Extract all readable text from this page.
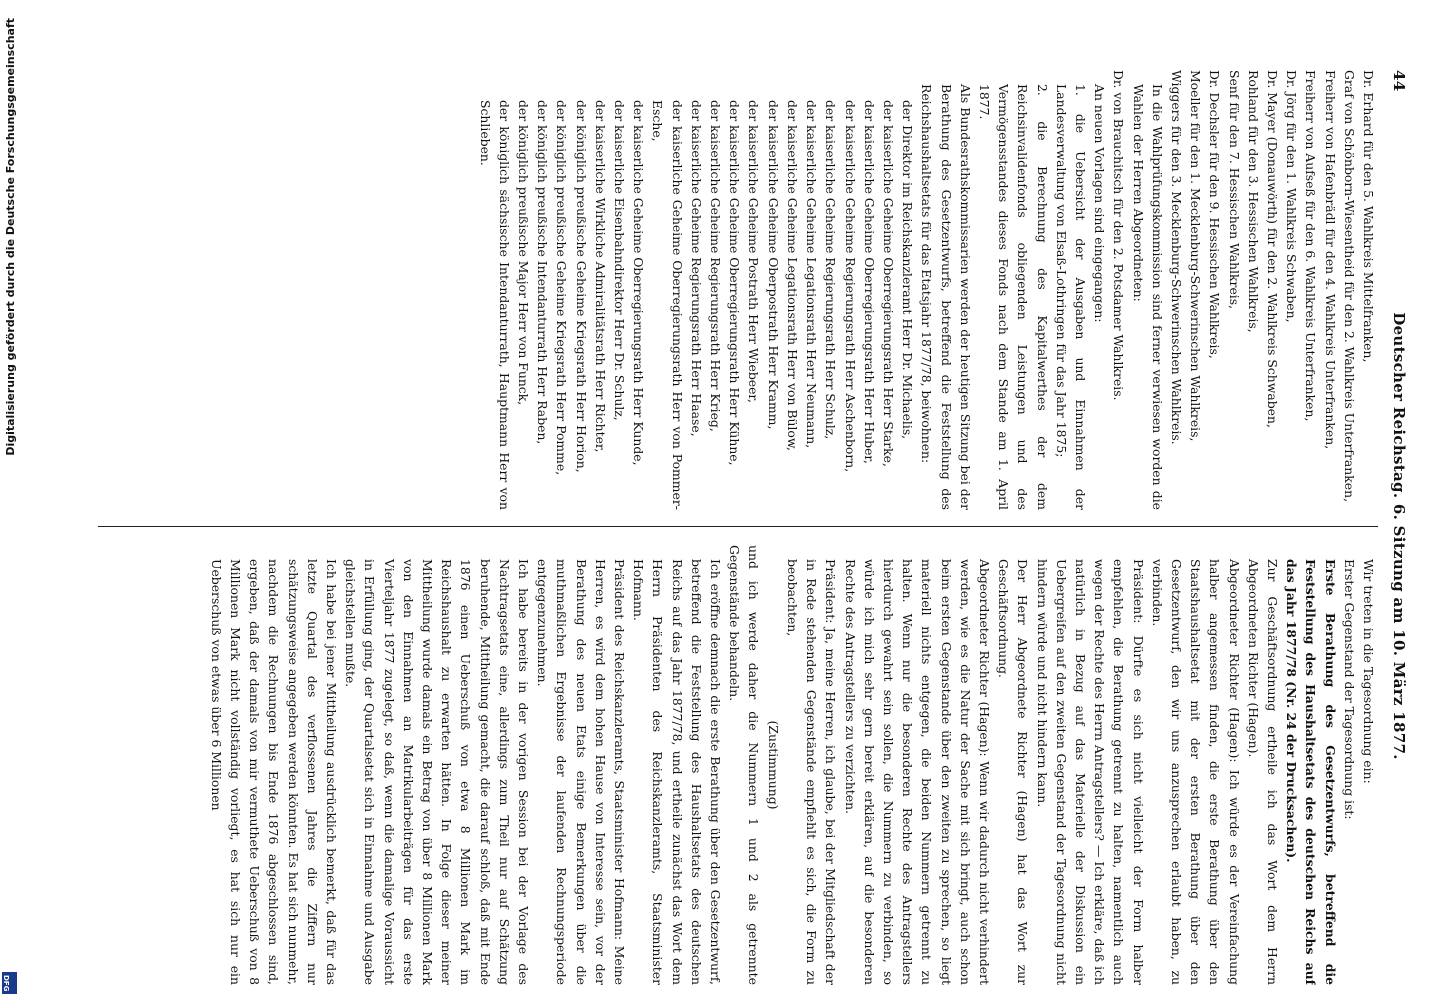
Digitalisierung gefördert durch die Deutsche Forschungsgemeinschaft
DFG
44
Deutscher Reichstag. 6. Sitzung am 10. März 1877.

Dr. Erhard für den 5. Wahlkreis Mittelfranken,

Graf von Schönborn-Wiesentheid für den 2. Wahlkreis Unterfranken,

Freiherr von Hafenbrädl für den 4. Wahlkreis Unterfranken,

Freiherr von Aufseß für den 6. Wahlkreis Unterfranken,

Dr. Jörg für den 1. Wahlkreis Schwaben,

Dr. Mayer (Donauwörth) für den 2. Wahlkreis Schwaben,

Rohland für den 3. Hessischen Wahlkreis,

Senf für den 7. Hessischen Wahlkreis,

Dr. Dechsler für den 9. Hessischen Wahlkreis,

Moeller für den 1. Mecklenburg-Schwerinschen Wahlkreis,

Wiggers für den 3. Mecklenburg-Schwerinschen Wahlkreis.

In die Wahlprüfungskommission sind ferner verwiesen worden die Wahlen der Herren Abgeordneten:

Dr. von Brauchitsch für den 2. Potsdamer Wahlkreis.

An neuen Vorlagen sind eingegangen:

1. die Uebersicht der Ausgaben und Einnahmen der Landesverwaltung von Elsaß-Lothringen für das Jahr 1875;

2. die Berechnung des Kapitalwerthes der dem Reichsinvalidenfonds obliegenden Leistungen und des Vermögensstandes dieses Fonds nach dem Stande am 1. April 1877.

Als Bundesrathskommissarien werden der heutigen Sitzung bei der Berathung des Gesetzentwurfs, betreffend die Feststellung des Reichshaushaltsetats für das Etatsjahr 1877/78, beiwohnen:

der Direktor im Reichskanzleramt Herr Dr. Michaelis,

der kaiserliche Geheime Oberregierungsrath Herr Starke,

der kaiserliche Geheime Oberregierungsrath Herr Huber,

der kaiserliche Geheime Regierungsrath Herr Aschenborn,

der kaiserliche Geheime Regierungsrath Herr Schulz,

der kaiserliche Geheime Legationsrath Herr Neumann,

der kaiserliche Geheime Legationsrath Herr von Bülow,

der kaiserliche Geheime Oberpostrath Herr Kramm,

der kaiserliche Geheime Postrath Herr Wiebeer,

der kaiserliche Geheime Oberregierungsrath Herr Kühne,

der kaiserliche Geheime Regierungsrath Herr Krieg,

der kaiserliche Geheime Regierungsrath Herr Haase,

der kaiserliche Geheime Oberregierungsrath Herr von Pommer-Esche,

der kaiserliche Geheime Oberregierungsrath Herr Kunde,

der kaiserliche Eisenbahndirektor Herr Dr. Schulz,

der kaiserliche Wirkliche Admiralitätsrath Herr Richter,

der königlich preußische Geheime Kriegsrath Herr Horion,

der königlich preußische Geheime Kriegsrath Herr Pomme,

der königlich preußische Intendanturrath Herr Raben,

der königlich preußische Major Herr von Funck,

der königlich sächsische Intendanturrath, Hauptmann Herr von Schlieben.

Wir treten in die Tagesordnung ein:

Erster Gegenstand der Tagesordnung ist:

Erste Berathung des Gesetzentwurfs, betreffend die Feststellung des Haushaltsetats des deutschen Reichs auf das Jahr 1877/78 (Nr. 24 der Drucksachen).

Zur Geschäftsordnung ertheile ich das Wort dem Herrn Abgeordneten Richter (Hagen).

Abgeordneter Richter (Hagen): Ich würde es der Vereinfachung halber angemessen finden, die erste Berathung über den Staatshaushaltsetat mit der ersten Berathung über den Gesetzentwurf, den wir uns anzusprechen erlaubt haben, zu verbinden.

Präsident: Dürfte es sich nicht vielleicht der Form halber empfehlen, die Berathung getrennt zu halten, namentlich auch wegen der Rechte des Herrn Antragstellers? — Ich erkläre, daß ich natürlich in Bezug auf das Materielle der Diskussion ein Uebergreifen auf den zweiten Gegenstand der Tagesordnung nicht hindern würde und nicht hindern kann.

Der Herr Abgeordnete Richter (Hagen) hat das Wort zur Geschäftsordnung.

Abgeordneter Richter (Hagen): Wenn wir dadurch nicht verhindert werden, wie es die Natur der Sache mit sich bringt, auch schon beim ersten Gegenstande über den zweiten zu sprechen, so liegt materiell nichts entgegen, die beiden Nummern getrennt zu halten. Wenn nur die besonderen Rechte des Antragstellers hierdurch gewahrt sein sollen, die Nummern zu verbinden, so würde ich mich sehr gern bereit erklären, auf die besonderen Rechte des Antragstellers zu verzichten.

Präsident: Ja, meine Herren, ich glaube, bei der Mitgliedschaft der in Rede stehenden Gegenstände empfiehlt es sich, die Form zu beobachten,

(Zustimmung)

und ich werde daher die Nummern 1 und 2 als getrennte Gegenstände behandeln.

Ich eröffne demnach die erste Berathung über den Gesetzentwurf, betreffend die Feststellung des Haushaltsetats des deutschen Reichs auf das Jahr 1877/78, und ertheile zunächst das Wort dem Herrn Präsidenten des Reichskanzleramts, Staatsminister Hofmann.

Präsident des Reichskanzleramts, Staatsminister Hofmann: Meine Herren, es wird dem hohen Hause von Interesse sein, vor der Berathung des neuen Etats einige Bemerkungen über die muthmaßlichen Ergebnisse der laufenden Rechnungsperiode entgegenzunehmen.

Ich habe bereits in der vorigen Session bei der Vorlage des Nachtragsetats eine, allerdings zum Theil nur auf Schätzung beruhende, Mittheilung gemacht, die darauf schloß, daß mit Ende 1876 einen Ueberschuß von etwa 8 Millionen Mark im Reichshaushalt zu erwarten hätten. In Folge dieser meiner Mittheilung wurde damals ein Betrag von über 8 Millionen Mark von den Einnahmen an Matrikularbeiträgen für das erste Vierteljahr 1877 zugelegt, so daß, wenn die damalige Voraussicht in Erfüllung ging, der Quartalsetat sich in Einnahme und Ausgabe gleichstellen mußte.

Ich habe bei jener Mittheilung ausdrücklich bemerkt, daß für das letzte Quartal des verflossenen Jahres die Ziffern nur schätzungsweise angegeben werden könnten. Es hat sich nunmehr, nachdem die Rechnungen bis Ende 1876 abgeschlossen sind, ergeben, daß der damals von mir vermuthete Ueberschuß von 8 Millionen Mark nicht vollständig vorliegt, es hat sich nur ein Ueberschuß von etwas über 6 Millionen
